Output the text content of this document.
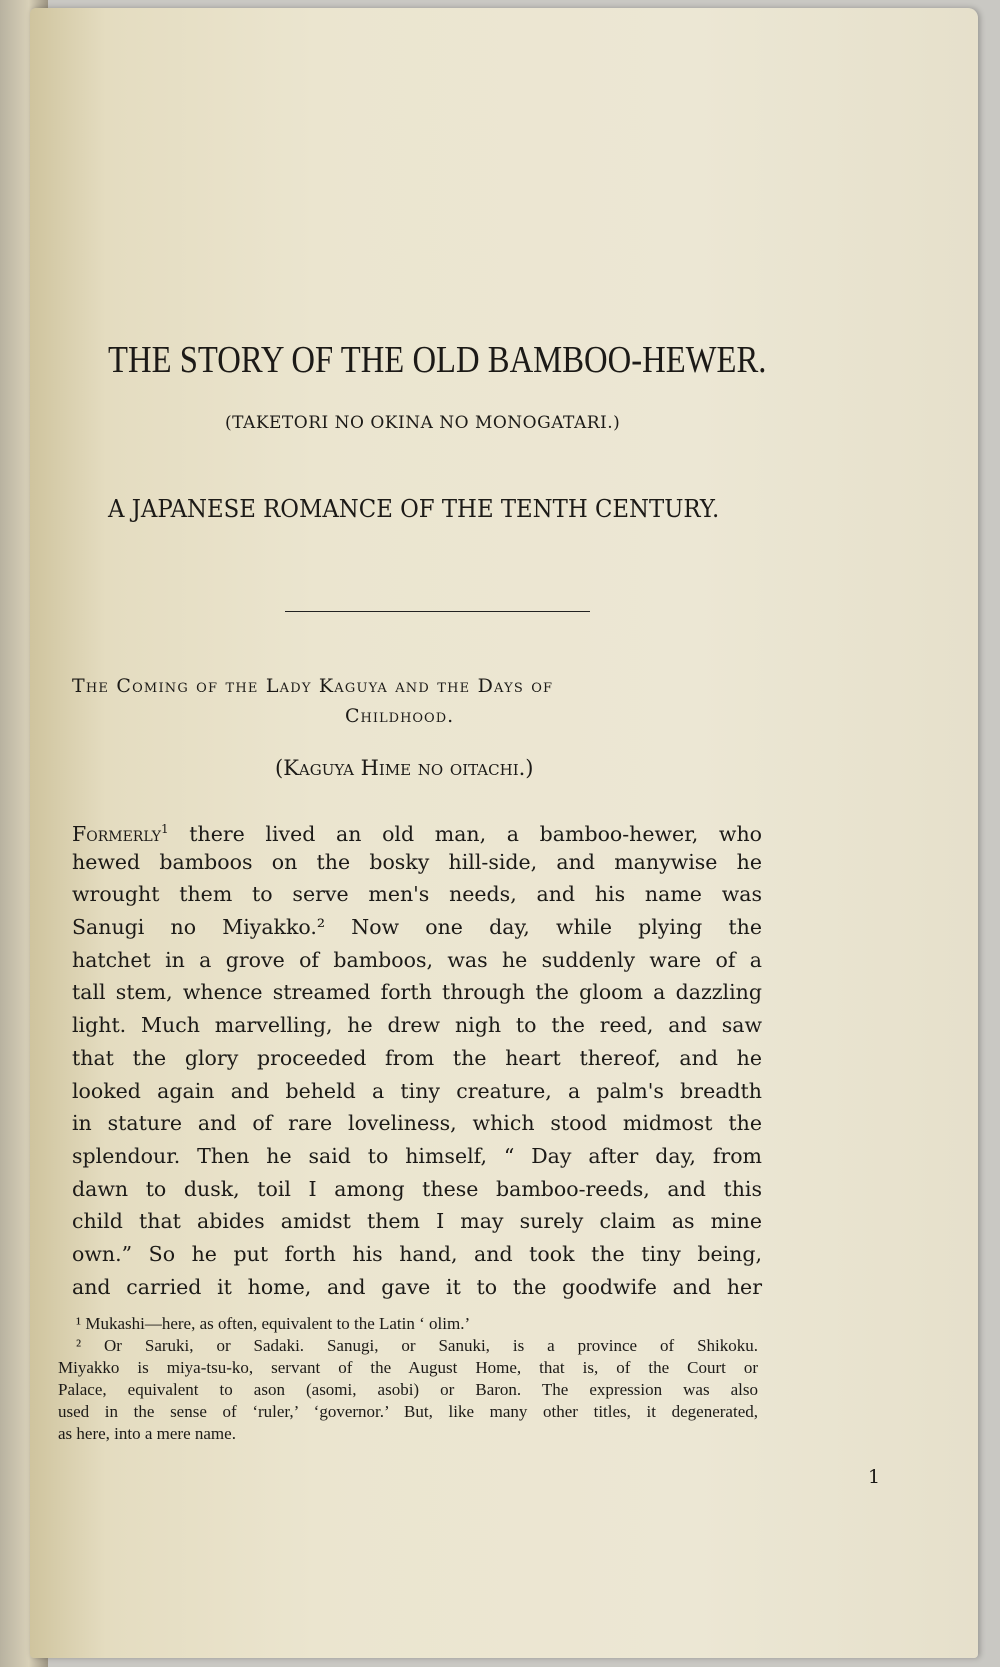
THE STORY OF THE OLD BAMBOO-HEWER.
(TAKETORI NO OKINA NO MONOGATARI.)
A JAPANESE ROMANCE OF THE TENTH CENTURY.
The Coming of the Lady Kaguya and the Days of
Childhood.
(Kaguya Hime no oitachi.)
Formerly$^1$ there lived an old man, a bamboo-hewer, who
hewed bamboos on the bosky hill-side, and manywise he
wrought them to serve men's needs, and his name was
Sanugi no Miyakko.² Now one day, while plying the
hatchet in a grove of bamboos, was he suddenly ware of a
tall stem, whence streamed forth through the gloom a dazzling
light. Much marvelling, he drew nigh to the reed, and saw
that the glory proceeded from the heart thereof, and he
looked again and beheld a tiny creature, a palm's breadth
in stature and of rare loveliness, which stood midmost the
splendour. Then he said to himself, “ Day after day, from
dawn to dusk, toil I among these bamboo-reeds, and this
child that abides amidst them I may surely claim as mine
own.” So he put forth his hand, and took the tiny being,
and carried it home, and gave it to the goodwife and her
¹ Mukashi—here, as often, equivalent to the Latin ‘ olim.’
² Or Saruki, or Sadaki. Sanugi, or Sanuki, is a province of Shikoku.
Miyakko is miya-tsu-ko, servant of the August Home, that is, of the Court or
Palace, equivalent to ason (asomi, asobi) or Baron. The expression was also
used in the sense of ‘ruler,’ ‘governor.’ But, like many other titles, it degenerated,
as here, into a mere name.
1
